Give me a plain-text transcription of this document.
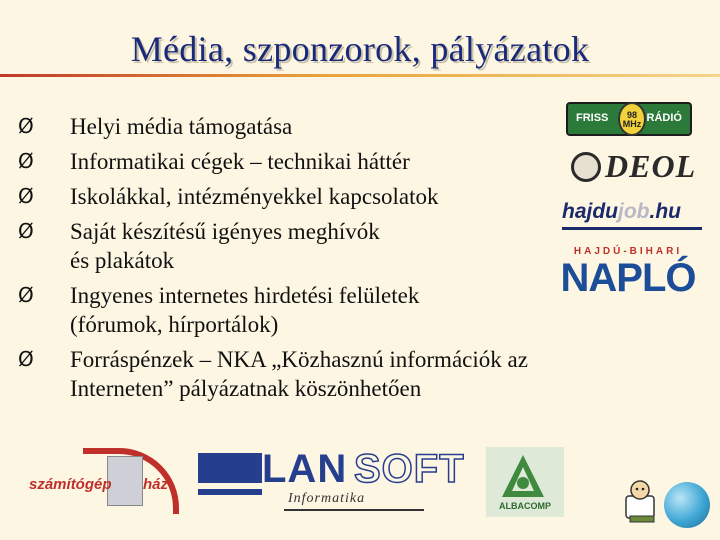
Média, szponzorok, pályázatok
Ø Helyi média támogatása
Ø Informatikai cégek – technikai háttér
Ø Iskolákkal, intézményekkel kapcsolatok
Ø Saját készítésű igényes meghívók
és plakátok
Ø Ingyenes internetes hirdetési felületek
(fórumok, hírportálok)
Ø Forráspénzek – NKA „Közhasznú információk az
Interneten” pályázatnak köszönhetően
FRISS	98 MHz RÁDIÓ
DEOL
hajdujob.hu
HAJDÚ-BIHARI
NAPLÓ
számítógép ház LAN SOFT
Informatika	ALBACOMP
